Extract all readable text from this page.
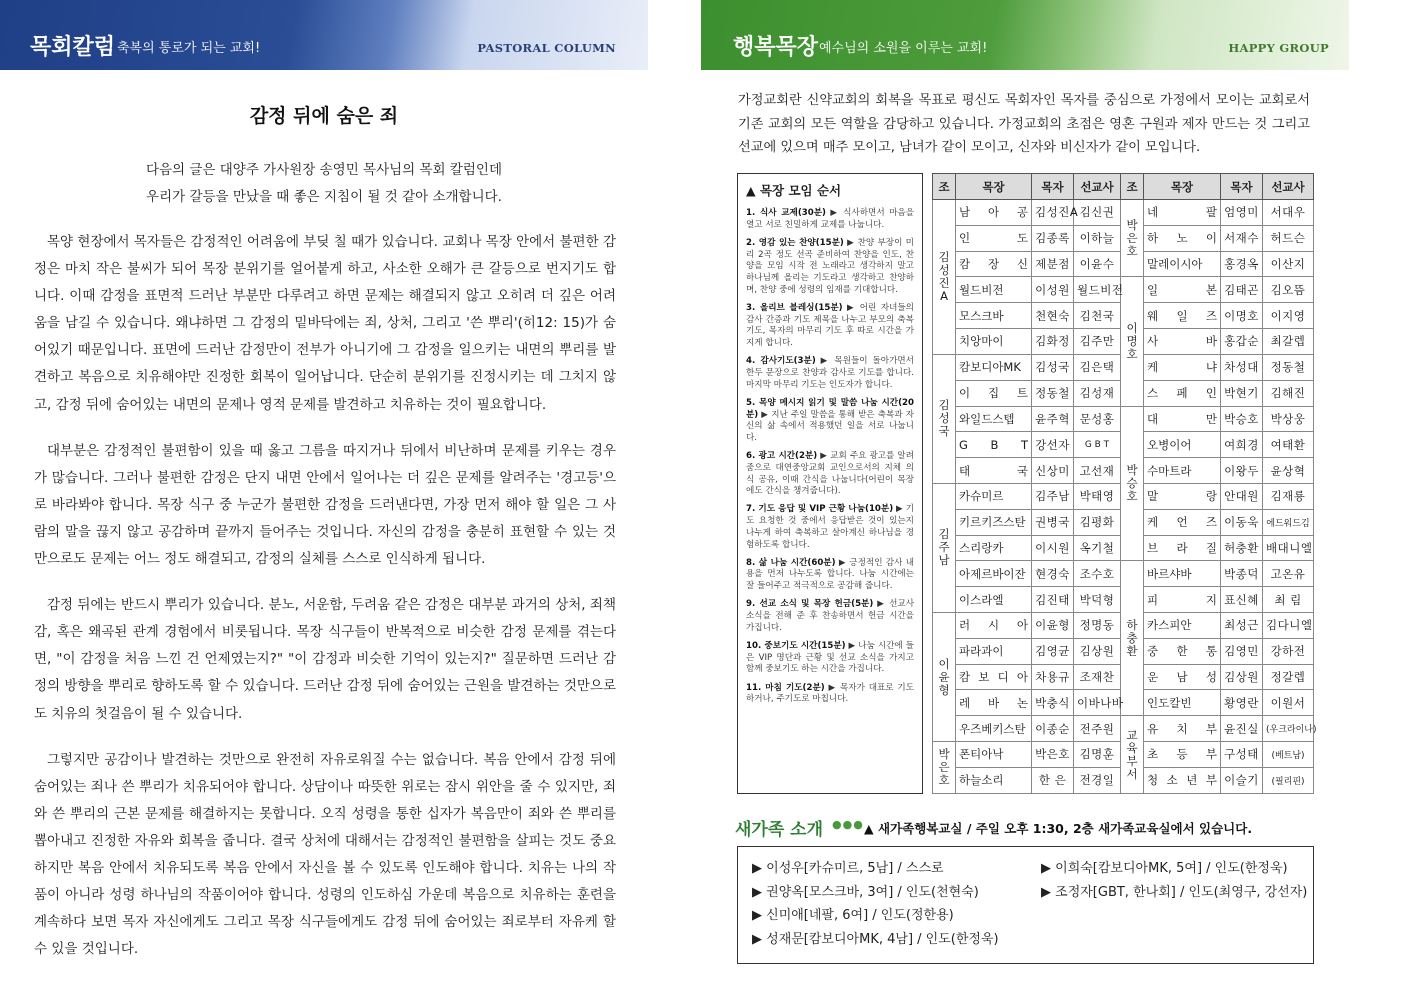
목회칼럼 축복의 통로가 되는 교회!	PASTORAL COLUMN
감정 뒤에 숨은 죄
다음의 글은 대양주 가사원장 송영민 목사님의 목회 칼럼인데
우리가 갈등을 만났을 때 좋은 지침이 될 것 같아 소개합니다.

목양 현장에서 목자들은 감정적인 어려움에 부딪 칠 때가 있습니다. 교회나 목장 안에서 불편한 감정은 마치 작은 불씨가 되어 목장 분위기를 얼어붙게 하고, 사소한 오해가 큰 갈등으로 번지기도 합니다. 이때 감정을 표면적 드러난 부분만 다루려고 하면 문제는 해결되지 않고 오히려 더 깊은 어려움을 남길 수 있습니다. 왜냐하면 그 감정의 밑바닥에는 죄, 상처, 그리고 '쓴 뿌리'(히12: 15)가 숨어있기 때문입니다. 표면에 드러난 감정만이 전부가 아니기에 그 감정을 일으키는 내면의 뿌리를 발견하고 복음으로 치유해야만 진정한 회복이 일어납니다. 단순히 분위기를 진정시키는 데 그치지 않고, 감정 뒤에 숨어있는 내면의 문제나 영적 문제를 발견하고 치유하는 것이 필요합니다.

대부분은 감정적인 불편함이 있을 때 옳고 그름을 따지거나 뒤에서 비난하며 문제를 키우는 경우가 많습니다. 그러나 불편한 감정은 단지 내면 안에서 일어나는 더 깊은 문제를 알려주는 '경고등'으로 바라봐야 합니다. 목장 식구 중 누군가 불편한 감정을 드러낸다면, 가장 먼저 해야 할 일은 그 사람의 말을 끊지 않고 공감하며 끝까지 들어주는 것입니다. 자신의 감정을 충분히 표현할 수 있는 것만으로도 문제는 어느 정도 해결되고, 감정의 실체를 스스로 인식하게 됩니다.

감정 뒤에는 반드시 뿌리가 있습니다. 분노, 서운함, 두려움 같은 감정은 대부분 과거의 상처, 죄책감, 혹은 왜곡된 관계 경험에서 비롯됩니다. 목장 식구들이 반복적으로 비슷한 감정 문제를 겪는다면, "이 감정을 처음 느낀 건 언제였는지?" "이 감정과 비슷한 기억이 있는지?" 질문하면 드러난 감정의 방향을 뿌리로 향하도록 할 수 있습니다. 드러난 감정 뒤에 숨어있는 근원을 발견하는 것만으로도 치유의 첫걸음이 될 수 있습니다.

그렇지만 공감이나 발견하는 것만으로 완전히 자유로워질 수는 없습니다. 복음 안에서 감정 뒤에 숨어있는 죄나 쓴 뿌리가 치유되어야 합니다. 상담이나 따뜻한 위로는 잠시 위안을 줄 수 있지만, 죄와 쓴 뿌리의 근본 문제를 해결하지는 못합니다. 오직 성령을 통한 십자가 복음만이 죄와 쓴 뿌리를 뽑아내고 진정한 자유와 회복을 줍니다. 결국 상처에 대해서는 감정적인 불편함을 살피는 것도 중요하지만 복음 안에서 치유되도록 복음 안에서 자신을 볼 수 있도록 인도해야 합니다. 치유는 나의 작품이 아니라 성령 하나님의 작품이어야 합니다. 성령의 인도하심 가운데 복음으로 치유하는 훈련을 계속하다 보면 목자 자신에게도 그리고 목장 식구들에게도 감정 뒤에 숨어있는 죄로부터 자유케 할 수 있을 것입니다.

행복목장 예수님의 소원을 이루는 교회!	HAPPY GROUP
가정교회란 신약교회의 회복을 목표로 평신도 목회자인 목자를 중심으로 가정에서 모이는 교회로서 기존 교회의 모든 역할을 감당하고 있습니다. 가정교회의 초점은 영혼 구원과 제자 만드는 것 그리고 선교에 있으며 매주 모이고, 남녀가 같이 모이고, 신자와 비신자가 같이 모입니다.
▲ 목장 모임 순서
1. 식사 교제(30분) ▶ 식사하면서 마음을 열고 서로 친밀하게 교제를 나눕니다.
2. 영감 있는 찬양(15분) ▶ 찬양 부장이 미리 2곡 정도 선곡 준비하여 찬양을 인도, 찬양을 모임 시작 전 노래라고 생각하지 말고 하나님께 올리는 기도라고 생각하고 찬양하며, 찬양 중에 성령의 임재를 기대합니다.
3. 올리브 블레싱(15분) ▶ 어린 자녀들의 감사 간증과 기도 제목을 나누고 부모의 축복기도, 목자의 마무리 기도 후 따로 시간을 가지게 합니다.
4. 감사기도(3분) ▶ 목원들이 돌아가면서 한두 문장으로 찬양과 감사로 기도를 합니다. 마지막 마무리 기도는 인도자가 합니다.
5. 목양 메시지 읽기 및 말씀 나눔 시간(20분) ▶ 지난 주일 말씀을 통해 받은 축복과 자신의 삶 속에서 적용했던 일을 서로 나눕니다.
6. 광고 시간(2분) ▶ 교회 주요 광고를 알려줌으로 대연중앙교회 교인으로서의 지체 의식 공유, 이때 간식을 나눕니다(어린이 목장에도 간식을 챙겨줍니다).
7. 기도 응답 및 VIP 근황 나눔(10분) ▶ 기도 요청한 것 중에서 응답받은 것이 있는지 나누게 하여 축복하고 살아계신 하나님을 경험하도록 합니다.
8. 삶 나눔 시간(60분) ▶ 긍정적인 감사 내용을 먼저 나누도록 합니다. 나눔 시간에는 잘 들어주고 적극적으로 공감해 줍니다.
9. 선교 소식 및 목장 헌금(5분) ▶ 선교사 소식을 전해 준 후 찬송하면서 헌금 시간을 가집니다.
10. 중보기도 시간(15분) ▶ 나눔 시간에 들은 VIP 명단과 근황 및 선교 소식을 가지고 함께 중보기도 하는 시간을 가집니다.
11. 마침 기도(2분) ▶ 목자가 대표로 기도하거나, 주기도로 마칩니다.
조	목장	목자	선교사	조	목장	목자	선교사
김성진A	남 아 공	김성진A	김신권	박은호	네 팔	엄영미	서대우
	인 도	김종록	이하늘		하 노 이	서재수	허드슨
	캄 장 신	제분점	이윤수		말레이시아	홍경옥	이산지
	월드비전	이성원	월드비전	이명호	일 본	김태곤	김오뜸
	모스크바	천현숙	김천국		웨 일 즈	이명호	이지영
	치앙마이	김화정	김주만		사 바	홍갑순	최갈렙
김성국	캄보디아MK	김성국	김은택		케 냐	차성대	정동철
	이 집 트	정동철	김성재		스 페 인	박현기	김해진
	와일드스텝	윤주혁	문성홍	박승호	대 만	박승호	박상웅
	G B T	강선자	G B T		오병이어	여희경	여태환
	태 국	신상미	고선재		수마트라	이왕두	윤상혁
김주남	카슈미르	김주남	박태영		말 랑	안대원	김재룡
	키르키즈스탄	권병국	김평화		케 언 즈	이동욱	에드워드김
	스리랑카	이시원	옥기철		브 라 질	허충환	배대니엘
	아제르바이잔	현경숙	조수호	하충환	바르샤바	박종덕	고온유
	이스라엘	김진태	박덕형		피 지	표신혜	최 림
이윤형	러 시 아	이윤형	정명동		카스피안	최성근	김다니엘
	파라과이	김영균	김상원		중 한 통	김영민	강하전
	캄 보 디 아	차용규	조재찬		운 남 성	김상원	정갈렙
	레 바 논	박충식	이바나바		인도칼빈	황영란	이원서
	우즈베키스탄	이종순	전주원	교육부서	유 치 부	윤진실	(우크라이나)
박은호	폰티아낙	박은호	김명훈		초 등 부	구성태	(베트남)
	하늘소리	한 은	전경일		청 소 년 부	이슬기	(필리핀)
새가족 소개 ●●● ▲ 새가족행복교실 / 주일 오후 1:30, 2층 새가족교육실에서 있습니다.
▶ 이성우[카슈미르, 5남] / 스스로
▶ 권양옥[모스크바, 3여] / 인도(천현숙)
▶ 신미애[네팔, 6여] / 인도(정한용)
▶ 성재문[캄보디아MK, 4남] / 인도(한정욱)
▶ 이희숙[캄보디아MK, 5여] / 인도(한정욱)
▶ 조정자[GBT, 한나회] / 인도(최영구, 강선자)
